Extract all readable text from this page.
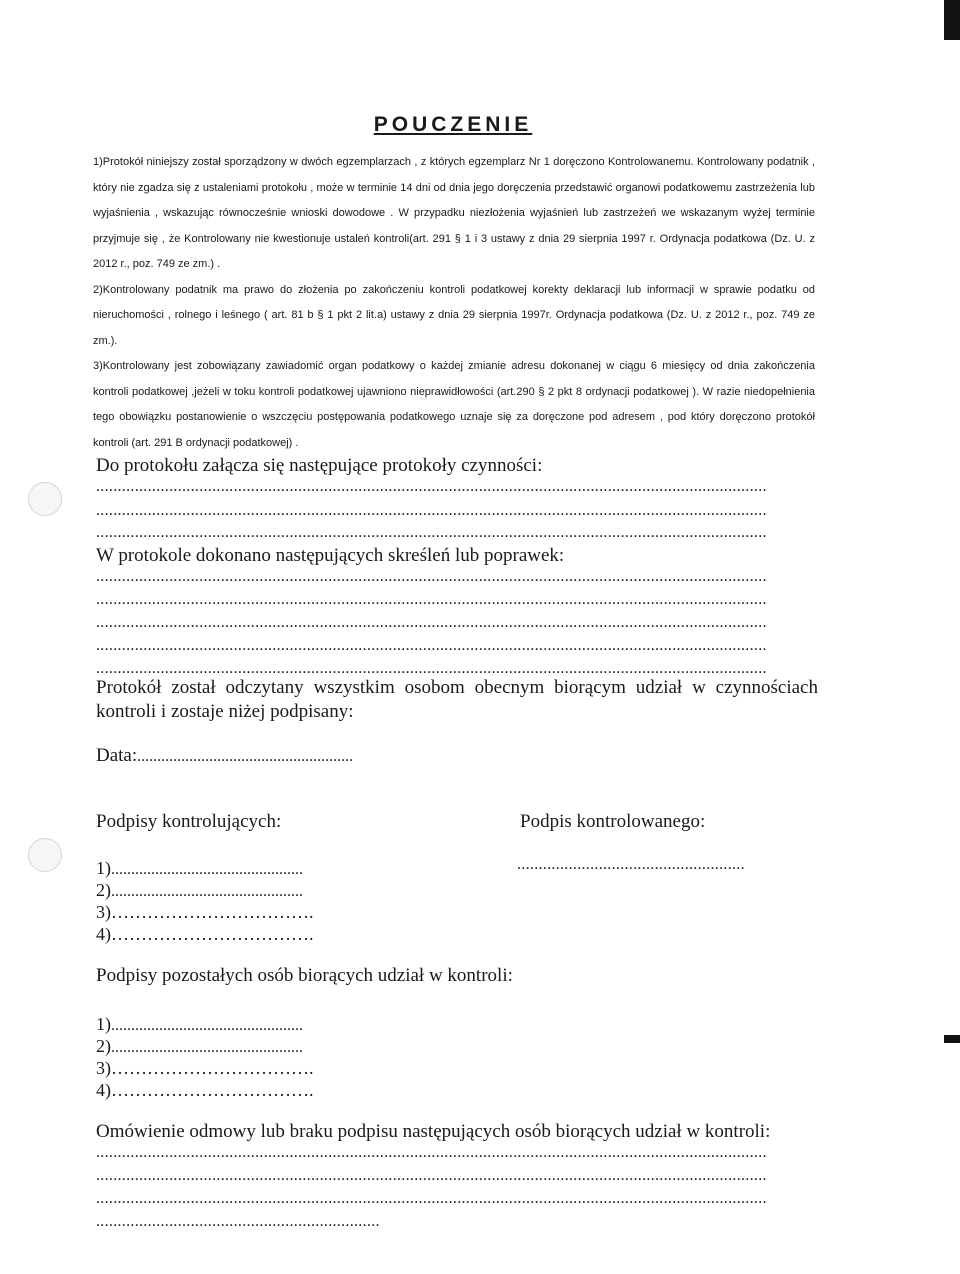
POUCZENIE

1)Protokół niniejszy został sporządzony w dwóch egzemplarzach , z których egzemplarz Nr 1 doręczono Kontrolowanemu. Kontrolowany podatnik , który nie zgadza się z ustaleniami protokołu , może w terminie 14 dni od dnia jego doręczenia przedstawić organowi podatkowemu zastrzeżenia lub wyjaśnienia , wskazując równocześnie wnioski dowodowe . W przypadku niezłożenia wyjaśnień lub zastrzeżeń we wskazanym wyżej terminie przyjmuje się , że Kontrolowany nie kwestionuje ustaleń kontroli(art. 291 § 1 i 3 ustawy z dnia 29 sierpnia 1997 r. Ordynacja podatkowa (Dz. U. z 2012 r., poz. 749 ze zm.) .

2)Kontrolowany podatnik ma prawo do złożenia po zakończeniu kontroli podatkowej korekty deklaracji lub informacji w sprawie podatku od nieruchomości , rolnego i leśnego ( art. 81 b § 1 pkt 2 lit.a) ustawy z dnia 29 sierpnia 1997r. Ordynacja podatkowa (Dz. U. z 2012 r., poz. 749 ze zm.).

3)Kontrolowany jest zobowiązany zawiadomić organ podatkowy o każdej zmianie adresu dokonanej w ciągu 6 miesięcy od dnia zakończenia kontroli podatkowej ,jeżeli w toku kontroli podatkowej ujawniono nieprawidłowości (art.290 § 2 pkt 8 ordynacji podatkowej ). W razie niedopełnienia tego obowiązku postanowienie o wszczęciu postępowania podatkowego uznaje się za doręczone pod adresem , pod który doręczono protokół kontroli (art. 291 B ordynacji podatkowej) .

Do protokołu załącza się następujące protokoły czynności:
............................................................................................................................................................
............................................................................................................................................................
............................................................................................................................................................
W protokole dokonano następujących skreśleń lub poprawek:
............................................................................................................................................................
............................................................................................................................................................
............................................................................................................................................................
............................................................................................................................................................
............................................................................................................................................................
Protokół został odczytany wszystkim osobom obecnym biorącym udział w czynnościach kontroli i zostaje niżej podpisany:
Data:......................................................
Podpisy kontrolujących:	Podpis kontrolowanego:
1)................................................
2)................................................
3)…………………………….
4)…………………………….
.....................................................
Podpisy pozostałych osób biorących udział w kontroli:
1)................................................
2)................................................
3)…………………………….
4)…………………………….
Omówienie odmowy lub braku podpisu następujących osób biorących udział w kontroli:
............................................................................................................................................................
............................................................................................................................................................
............................................................................................................................................................
..................................................................
